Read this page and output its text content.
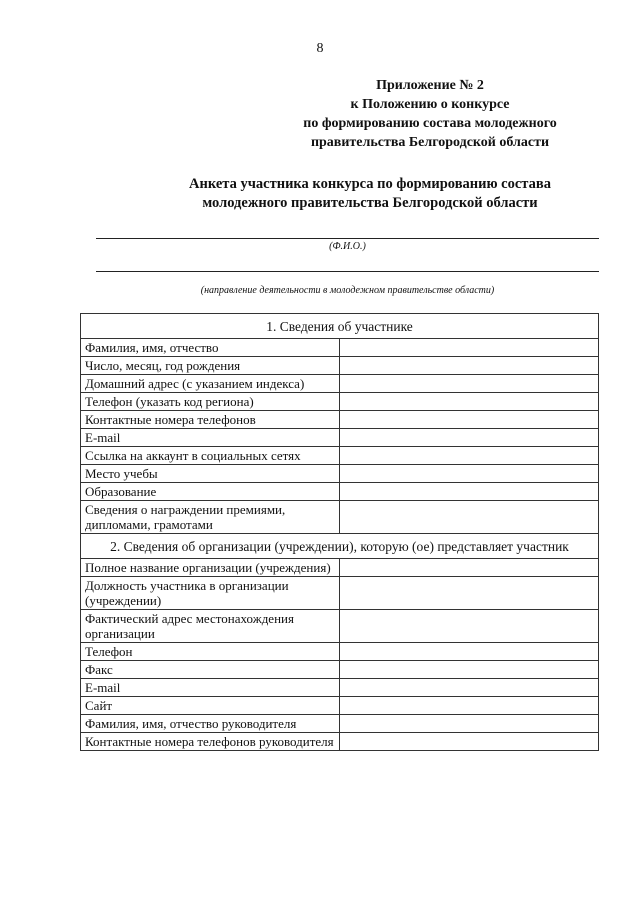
8
Приложение № 2
к Положению о конкурсе
по формированию состава молодежного
правительства Белгородской области
Анкета участника конкурса по формированию состава
молодежного правительства Белгородской области
(Ф.И.О.)
(направление деятельности в молодежном правительстве области)
1. Сведения об участнике	
Фамилия, имя, отчество	
Число, месяц, год рождения	
Домашний адрес (с указанием индекса)	
Телефон (указать код региона)	
Контактные номера телефонов	
E-mail	
Ссылка на аккаунт в социальных сетях	
Место учебы	
Образование	
Сведения о награждении премиями, дипломами, грамотами	
2. Сведения об организации (учреждении), которую (ое) представляет участник	
Полное название организации (учреждения)	
Должность участника в организации (учреждении)	
Фактический адрес местонахождения организации	
Телефон	
Факс	
E-mail	
Сайт	
Фамилия, имя, отчество руководителя	
Контактные номера телефонов руководителя	
